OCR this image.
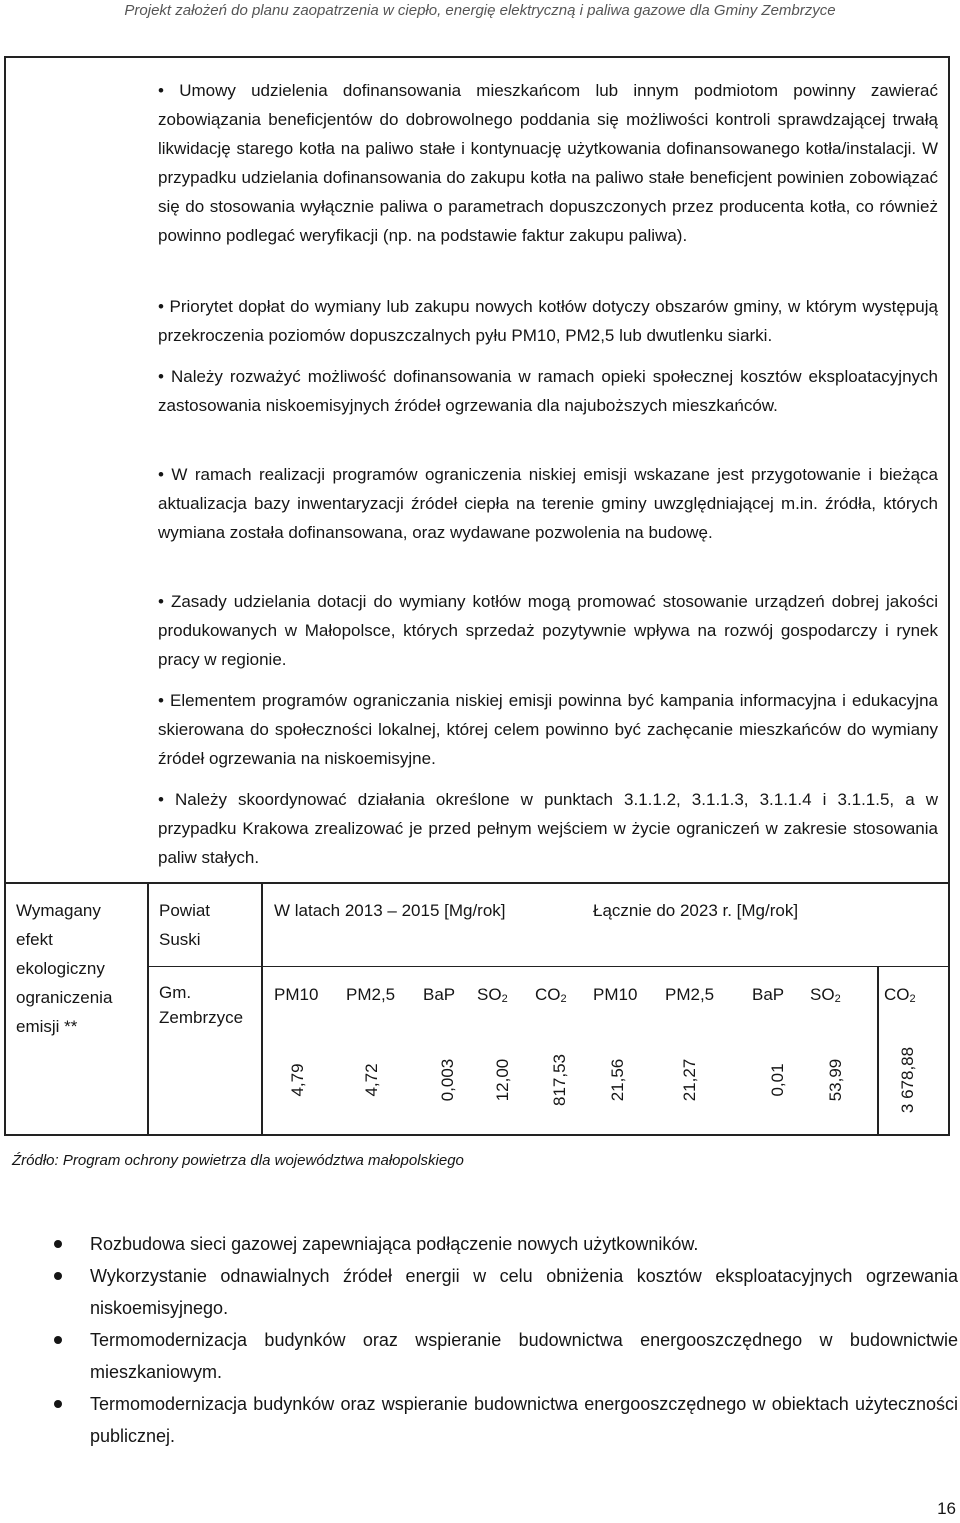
Projekt założeń do planu zaopatrzenia w ciepło, energię elektryczną i paliwa gazowe dla Gminy Zembrzyce
• Umowy udzielenia dofinansowania mieszkańcom lub innym podmiotom powinny zawierać zobowiązania beneficjentów do dobrowolnego poddania się możliwości kontroli sprawdzającej trwałą likwidację starego kotła na paliwo stałe i kontynuację użytkowania dofinansowanego kotła/instalacji. W przypadku udzielania dofinansowania do zakupu kotła na paliwo stałe beneficjent powinien zobowiązać się do stosowania wyłącznie paliwa o parametrach dopuszczonych przez producenta kotła, co również powinno podlegać weryfikacji (np. na podstawie faktur zakupu paliwa).
• Priorytet dopłat do wymiany lub zakupu nowych kotłów dotyczy obszarów gminy, w którym występują przekroczenia poziomów dopuszczalnych pyłu PM10, PM2,5 lub dwutlenku siarki.
• Należy rozważyć możliwość dofinansowania w ramach opieki społecznej kosztów eksploatacyjnych zastosowania niskoemisyjnych źródeł ogrzewania dla najuboższych mieszkańców.
• W ramach realizacji programów ograniczenia niskiej emisji wskazane jest przygotowanie i bieżąca aktualizacja bazy inwentaryzacji źródeł ciepła na terenie gminy uwzględniającej m.in. źródła, których wymiana została dofinansowana, oraz wydawane pozwolenia na budowę.
• Zasady udzielania dotacji do wymiany kotłów mogą promować stosowanie urządzeń dobrej jakości produkowanych w Małopolsce, których sprzedaż pozytywnie wpływa na rozwój gospodarczy i rynek pracy w regionie.
• Elementem programów ograniczania niskiej emisji powinna być kampania informacyjna i edukacyjna skierowana do społeczności lokalnej, której celem powinno być zachęcanie mieszkańców do wymiany źródeł ogrzewania na niskoemisyjne.
• Należy skoordynować działania określone w punktach 3.1.1.2, 3.1.1.3, 3.1.1.4 i 3.1.1.5, a w przypadku Krakowa zrealizować je przed pełnym wejściem w życie ograniczeń w zakresie stosowania paliw stałych.
Wymagany efekt ekologiczny ograniczenia emisji **
Powiat Suski
Gm. Zembrzyce
W latach 2013 – 2015 [Mg/rok]	Łącznie do 2023 r. [Mg/rok]
PM10 PM2,5 BaP $SO_2$ $CO_2$ PM10 PM2,5 BaP $SO_2$	$CO_2$
4,79	4,72	0,003 12,00 817,53 21,56	21,27	0,01 53,99	3 678,88
Źródło: Program ochrony powietrza dla województwa małopolskiego
Rozbudowa sieci gazowej zapewniająca podłączenie nowych użytkowników.
Wykorzystanie odnawialnych źródeł energii w celu obniżenia kosztów eksploatacyjnych ogrzewania niskoemisyjnego.
Termomodernizacja budynków oraz wspieranie budownictwa energooszczędnego w budownictwie mieszkaniowym.
Termomodernizacja budynków oraz wspieranie budownictwa energooszczędnego w obiektach użyteczności publicznej.
16
